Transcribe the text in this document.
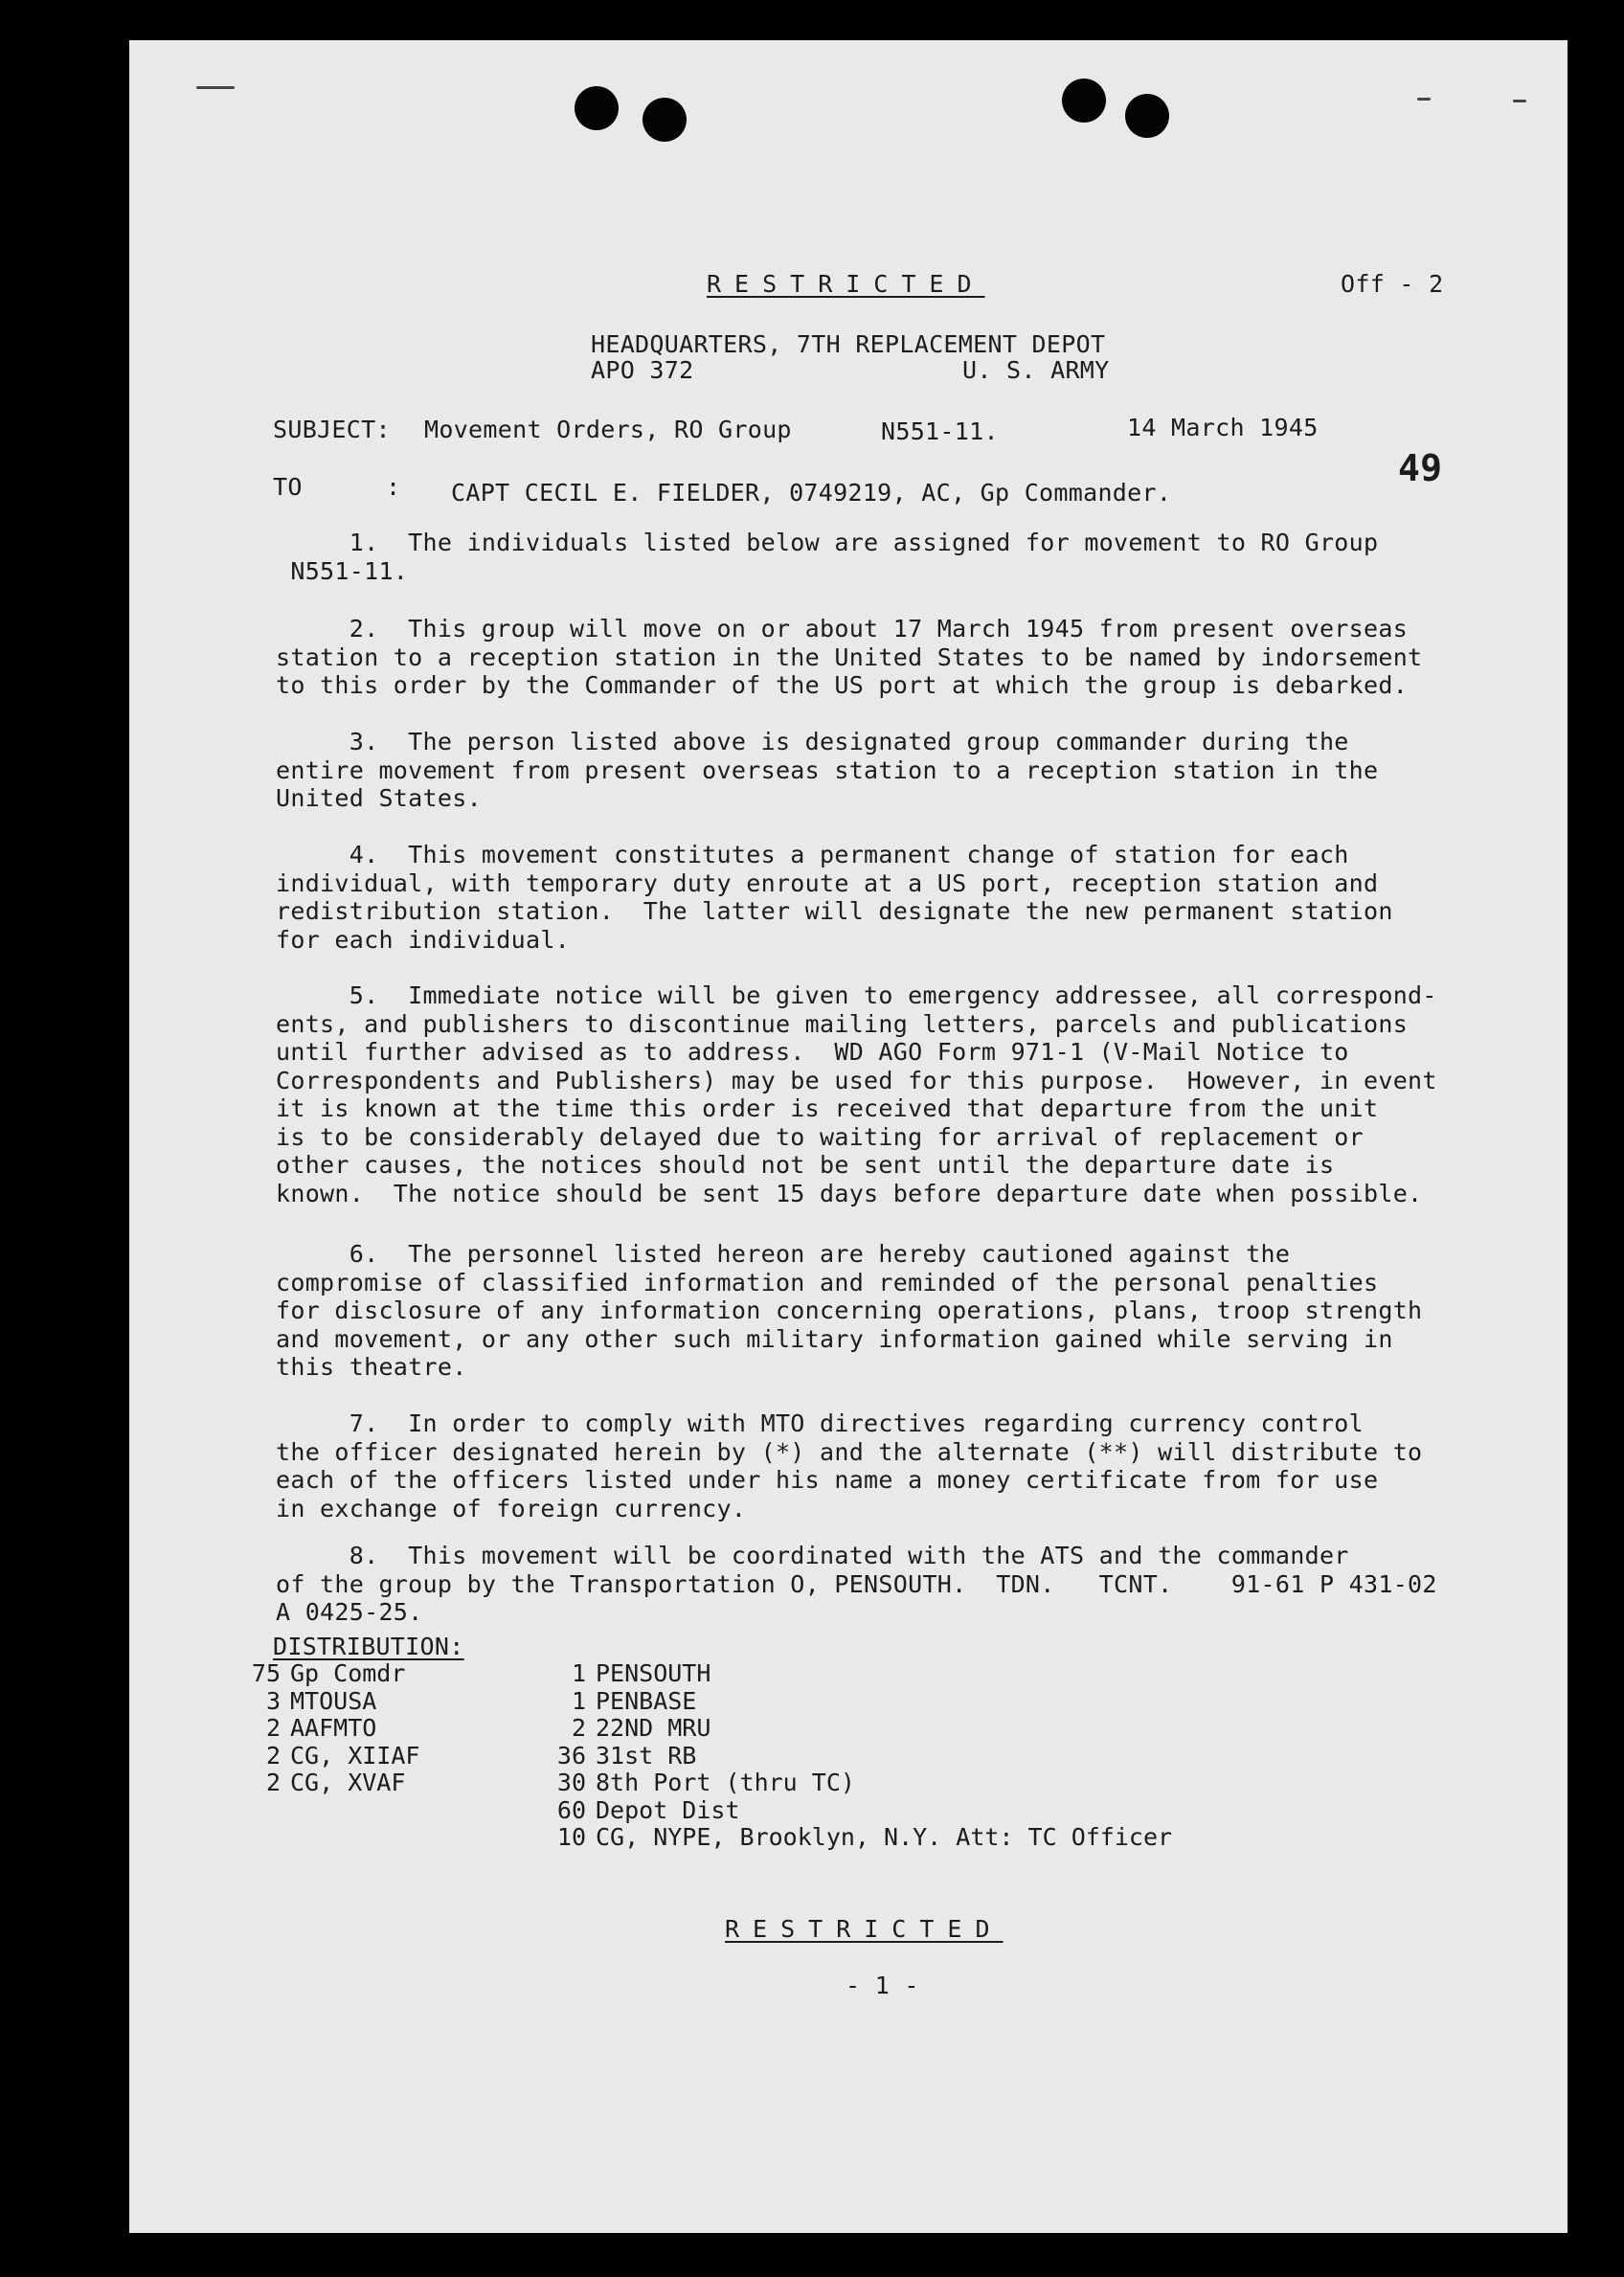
RESTRICTED	Off - 2
HEADQUARTERS, 7TH REPLACEMENT DEPOT
APO 372	U. S. ARMY
SUBJECT: Movement Orders, RO Group	N551-11.	14 March 1945
TO	: CAPT CECIL E. FIELDER, 0749219, AC, Gp Commander.
49
1.  The individuals listed below are assigned for movement to RO Group
N551-11.
2.  This group will move on or about 17 March 1945 from present overseas
station to a reception station in the United States to be named by indorsement
to this order by the Commander of the US port at which the group is debarked.
3.  The person listed above is designated group commander during the
entire movement from present overseas station to a reception station in the
United States.
4.  This movement constitutes a permanent change of station for each
individual, with temporary duty enroute at a US port, reception station and
redistribution station.  The latter will designate the new permanent station
for each individual.
5.  Immediate notice will be given to emergency addressee, all correspond-
ents, and publishers to discontinue mailing letters, parcels and publications
until further advised as to address.  WD AGO Form 971-1 (V-Mail Notice to
Correspondents and Publishers) may be used for this purpose.  However, in event
it is known at the time this order is received that departure from the unit
is to be considerably delayed due to waiting for arrival of replacement or
other causes, the notices should not be sent until the departure date is
known.  The notice should be sent 15 days before departure date when possible.
6.  The personnel listed hereon are hereby cautioned against the
compromise of classified information and reminded of the personal penalties
for disclosure of any information concerning operations, plans, troop strength
and movement, or any other such military information gained while serving in
this theatre.
7.  In order to comply with MTO directives regarding currency control
the officer designated herein by (*) and the alternate (**) will distribute to
each of the officers listed under his name a money certificate from for use
in exchange of foreign currency.
8.  This movement will be coordinated with the ATS and the commander
of the group by the Transportation O, PENSOUTH.  TDN.   TCNT.    91-61 P 431-02
A 0425-25.
DISTRIBUTION:
75 Gp Comdr
3 MTOUSA
2 AAFMTO
2 CG, XIIAF
2 CG, XVAF
1 PENSOUTH
1 PENBASE
2 22ND MRU
36 31st RB
30 8th Port (thru TC)
60 Depot Dist
10 CG, NYPE, Brooklyn, N.Y. Att: TC Officer
RESTRICTED
- 1 -
